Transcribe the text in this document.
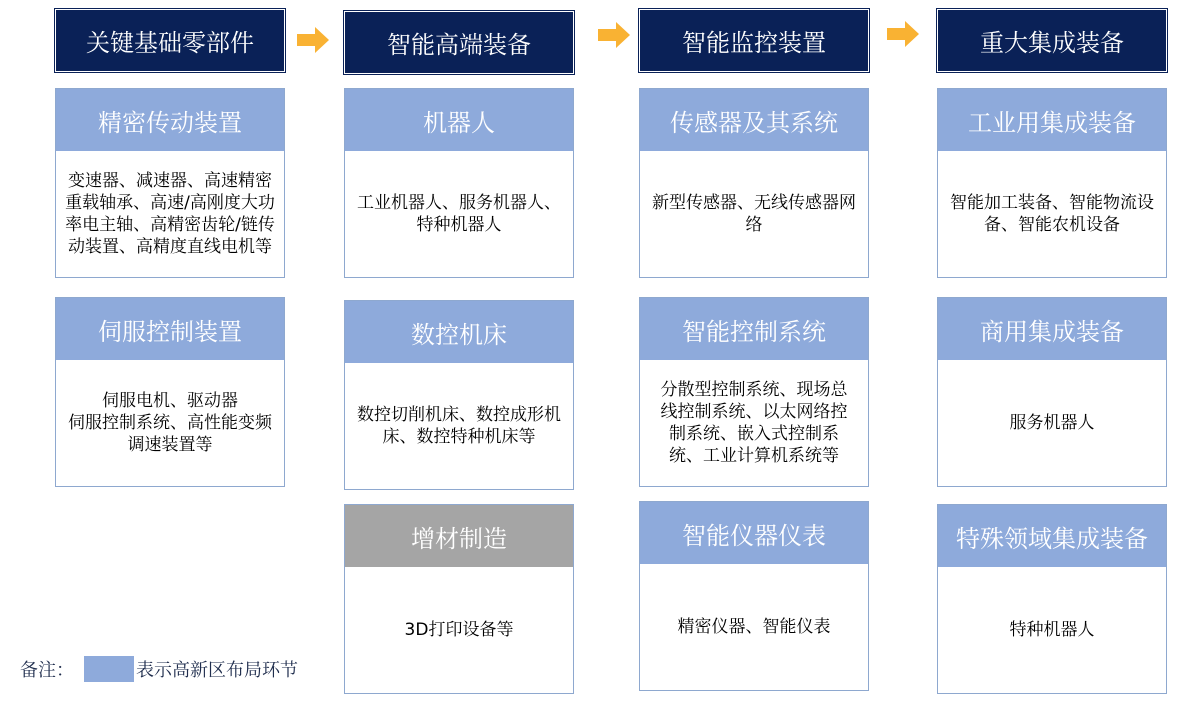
关键基础零部件
精密传动装置
变速器、减速器、高速精密重载轴承、高速/高刚度大功率电主轴、高精密齿轮/链传动装置、高精度直线电机等
伺服控制装置
伺服电机、驱动器
伺服控制系统、高性能变频调速装置等
智能高端装备
机器人
工业机器人、服务机器人、特种机器人
数控机床
数控切削机床、数控成形机床、数控特种机床等
增材制造
3D打印设备等
智能监控装置
传感器及其系统
新型传感器、无线传感器网络
智能控制系统
分散型控制系统、现场总线控制系统、以太网络控制系统、嵌入式控制系统、工业计算机系统等
智能仪器仪表
精密仪器、智能仪表
重大集成装备
工业用集成装备
智能加工装备、智能物流设备、智能农机设备
商用集成装备
服务机器人
特殊领域集成装备
特种机器人
备注：	表示高新区布局环节
